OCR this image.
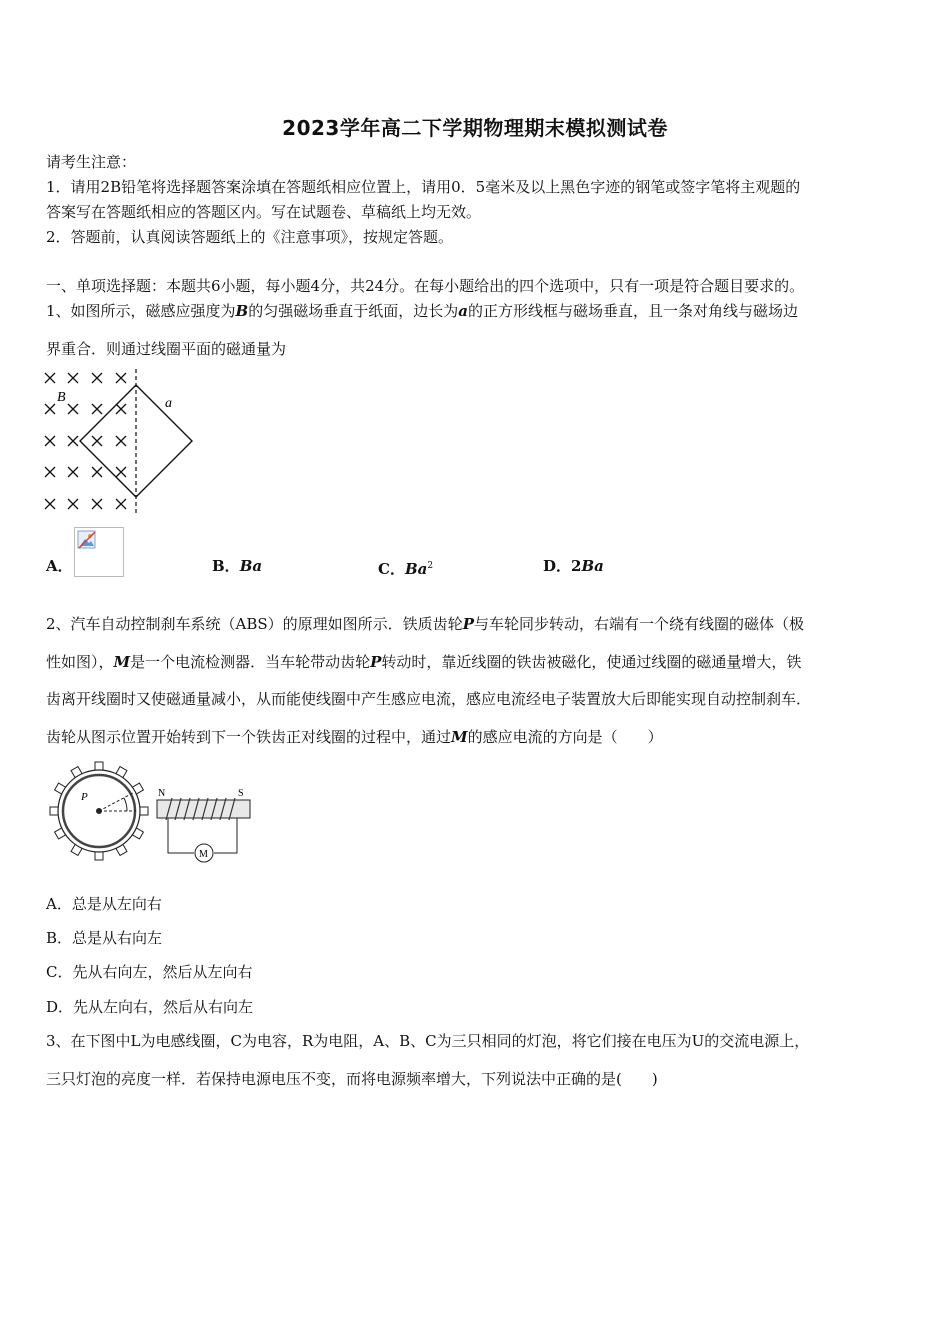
2023学年高二下学期物理期末模拟测试卷
请考生注意：
1．请用2B铅笔将选择题答案涂填在答题纸相应位置上，请用0．5毫米及以上黑色字迹的钢笔或签字笔将主观题的
答案写在答题纸相应的答题区内。写在试题卷、草稿纸上均无效。
2．答题前，认真阅读答题纸上的《注意事项》，按规定答题。
一、单项选择题：本题共6小题，每小题4分，共24分。在每小题给出的四个选项中，只有一项是符合题目要求的。
1、如图所示，磁感应强度为B的匀强磁场垂直于纸面，边长为a的正方形线框与磁场垂直，且一条对角线与磁场边
界重合．则通过线圈平面的磁通量为
B	a
A．	B．Ba	C．Ba$^2$	D．2Ba
2、汽车自动控制刹车系统（ABS）的原理如图所示．铁质齿轮P与车轮同步转动，右端有一个绕有线圈的磁体（极
性如图），M是一个电流检测器．当车轮带动齿轮P转动时，靠近线圈的铁齿被磁化，使通过线圈的磁通量增大，铁
齿离开线圈时又使磁通量减小，从而能使线圈中产生感应电流，感应电流经电子装置放大后即能实现自动控制刹车．
齿轮从图示位置开始转到下一个铁齿正对线圈的过程中，通过M的感应电流的方向是（　　）
P	N	S
M
A．总是从左向右
B．总是从右向左
C．先从右向左，然后从左向右
D．先从左向右，然后从右向左
3、在下图中L为电感线圈，C为电容，R为电阻，A、B、C为三只相同的灯泡，将它们接在电压为U的交流电源上，
三只灯泡的亮度一样．若保持电源电压不变，而将电源频率增大，下列说法中正确的是(　　)
